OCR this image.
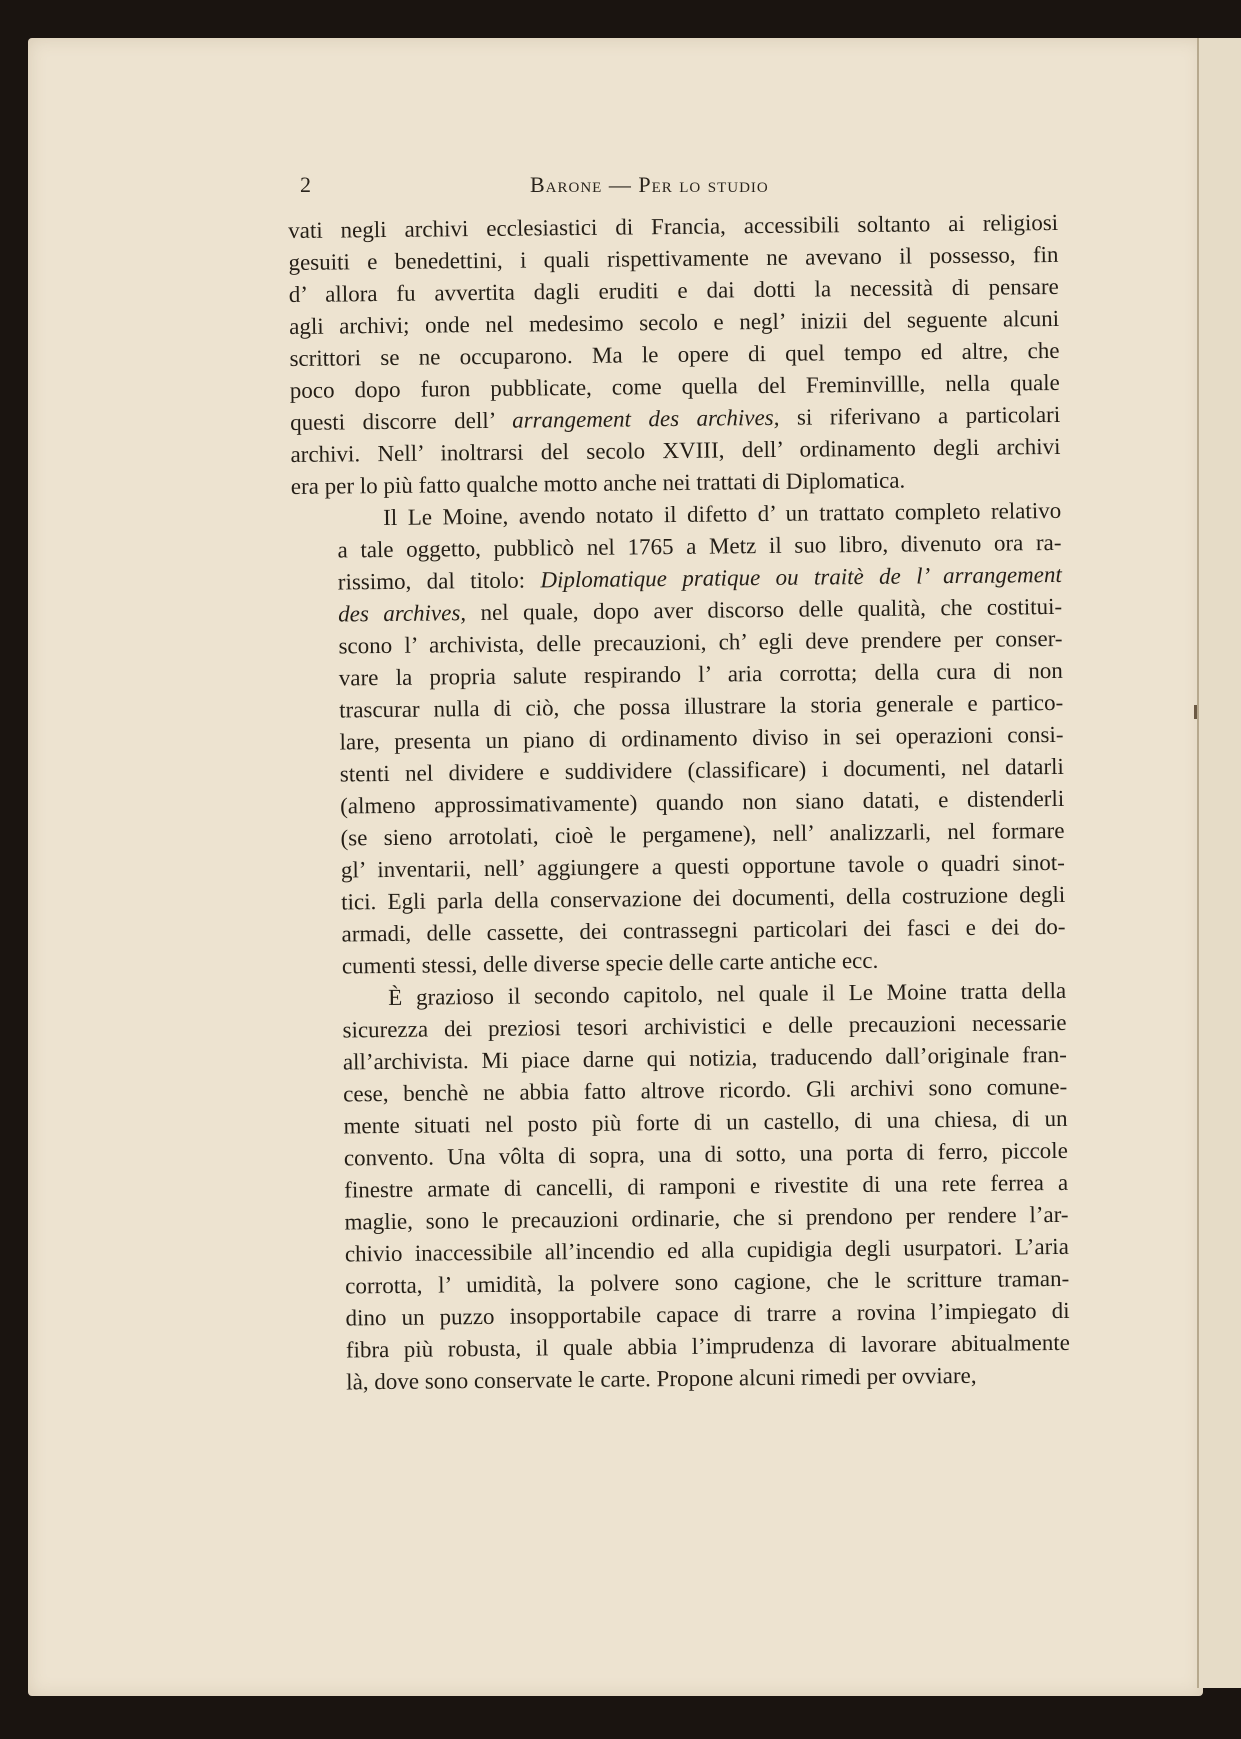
2	Barone — Per lo studio
vati negli archivi ecclesiastici di Francia, accessibili soltanto ai religiosi
gesuiti e benedettini, i quali rispettivamente ne avevano il possesso, fin
d’ allora fu avvertita dagli eruditi e dai dotti la necessità di pensare
agli archivi; onde nel medesimo secolo e negl’ inizii del seguente alcuni
scrittori se ne occuparono. Ma le opere di quel tempo ed altre, che
poco dopo furon pubblicate, come quella del Freminvillle, nella quale
questi discorre dell’ arrangement des archives, si riferivano a particolari
archivi. Nell’ inoltrarsi del secolo XVIII, dell’ ordinamento degli archivi
era per lo più fatto qualche motto anche nei trattati di Diplomatica.
Il Le Moine, avendo notato il difetto d’ un trattato completo relativo
a tale oggetto, pubblicò nel 1765 a Metz il suo libro, divenuto ora ra-
rissimo, dal titolo: Diplomatique pratique ou traitè de l’ arrangement
des archives, nel quale, dopo aver discorso delle qualità, che costitui-
scono l’ archivista, delle precauzioni, ch’ egli deve prendere per conser-
vare la propria salute respirando l’ aria corrotta; della cura di non
trascurar nulla di ciò, che possa illustrare la storia generale e partico-
lare, presenta un piano di ordinamento diviso in sei operazioni consi-
stenti nel dividere e suddividere (classificare) i documenti, nel datarli
(almeno approssimativamente) quando non siano datati, e distenderli
(se sieno arrotolati, cioè le pergamene), nell’ analizzarli, nel formare
gl’ inventarii, nell’ aggiungere a questi opportune tavole o quadri sinot-
tici. Egli parla della conservazione dei documenti, della costruzione degli
armadi, delle cassette, dei contrassegni particolari dei fasci e dei do-
cumenti stessi, delle diverse specie delle carte antiche ecc.
È grazioso il secondo capitolo, nel quale il Le Moine tratta della
sicurezza dei preziosi tesori archivistici e delle precauzioni necessarie
all’archivista. Mi piace darne qui notizia, traducendo dall’originale fran-
cese, benchè ne abbia fatto altrove ricordo. Gli archivi sono comune-
mente situati nel posto più forte di un castello, di una chiesa, di un
convento. Una vôlta di sopra, una di sotto, una porta di ferro, piccole
finestre armate di cancelli, di ramponi e rivestite di una rete ferrea a
maglie, sono le precauzioni ordinarie, che si prendono per rendere l’ar-
chivio inaccessibile all’incendio ed alla cupidigia degli usurpatori. L’aria
corrotta, l’ umidità, la polvere sono cagione, che le scritture traman-
dino un puzzo insopportabile capace di trarre a rovina l’impiegato di
fibra più robusta, il quale abbia l’imprudenza di lavorare abitualmente
là, dove sono conservate le carte. Propone alcuni rimedi per ovviare,
